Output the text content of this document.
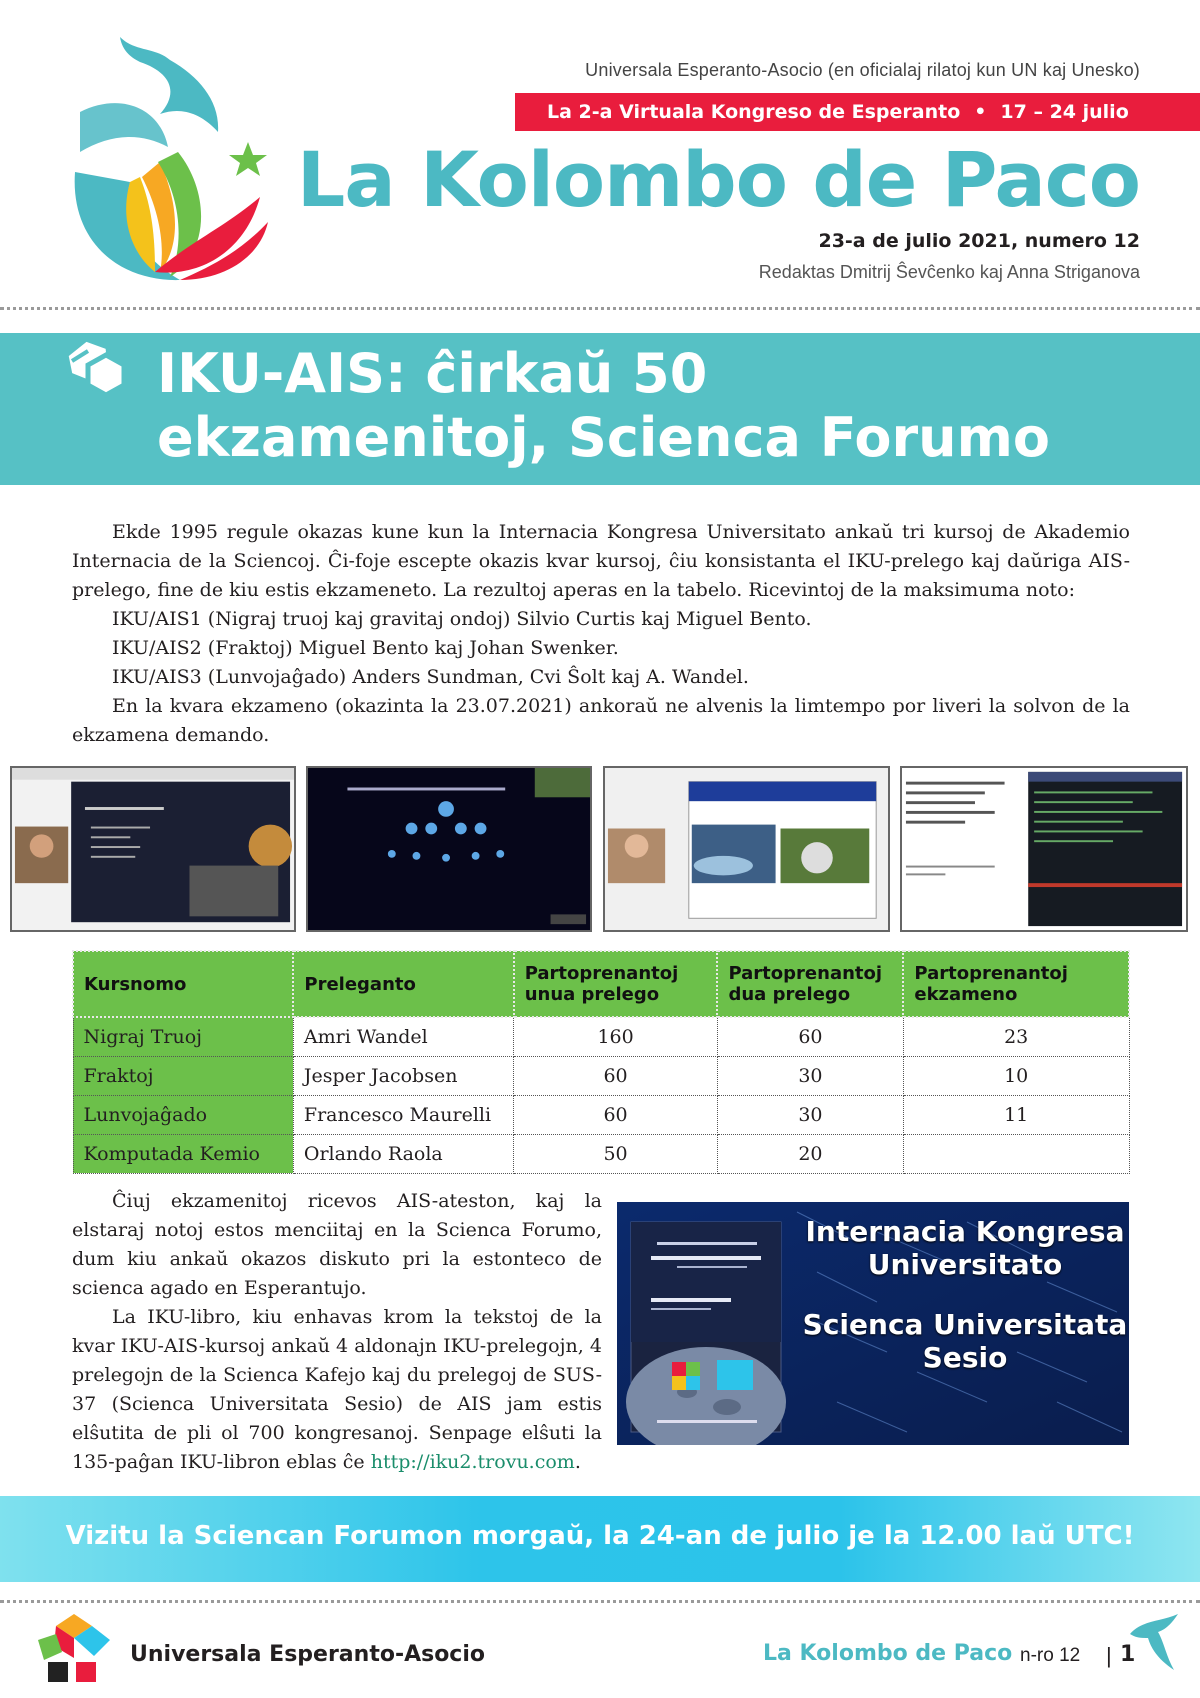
Universala Esperanto-Asocio (en oficialaj rilatoj kun UN kaj Unesko)
La 2-a Virtuala Kongreso de Esperanto • 17 – 24 julio
La Kolombo de Paco
23-a de julio 2021, numero 12
Redaktas Dmitrij Ŝevĉenko kaj Anna Striganova
IKU-AIS: ĉirkaŭ 50
ekzamenitoj, Scienca Forumo

Ekde 1995 regule okazas kune kun la Internacia Kongresa Universitato ankaŭ tri kursoj de Akademio Internacia de la Sciencoj. Ĉi-foje escepte okazis kvar kursoj, ĉiu konsistanta el IKU-prelego kaj daŭriga AIS-prelego, fine de kiu estis ekzameneto. La rezultoj aperas en la tabelo. Ricevintoj de la maksimuma noto:

IKU/AIS1 (Nigraj truoj kaj gravitaj ondoj) Silvio Curtis kaj Miguel Bento.

IKU/AIS2 (Fraktoj) Miguel Bento kaj Johan Swenker.

IKU/AIS3 (Lunvojaĝado) Anders Sundman, Cvi Ŝolt kaj A. Wandel.

En la kvara ekzameno (okazinta la 23.07.2021) ankoraŭ ne alvenis la limtempo por liveri la solvon de la ekzamena demando.

Kursnomo	Preleganto	Partoprenantoj unua prelego	Partoprenantoj dua prelego	Partoprenantoj ekzameno
Nigraj Truoj	Amri Wandel	160	60	23
Fraktoj	Jesper Jacobsen	60	30	10
Lunvojaĝado	Francesco Maurelli	60	30	11
Komputada Kemio	Orlando Raola	50	20	

Ĉiuj ekzamenitoj ricevos AIS-ateston, kaj la elstaraj notoj estos menciitaj en la Scienca Forumo, dum kiu ankaŭ okazos diskuto pri la estonteco de scienca agado en Esperantujo.

La IKU-libro, kiu enhavas krom la tekstoj de la kvar IKU-AIS-kursoj ankaŭ 4 aldonajn IKU-prelegojn, 4 prelegojn de la Scienca Kafejo kaj du prelegoj de SUS-37 (Scienca Universitata Sesio) de AIS jam estis elŝutita de pli ol 700 kongresanoj. Senpage elŝuti la 135-paĝan IKU-libron eblas ĉe http://iku2.trovu.com.

Internacia Kongresa Universitato
Scienca Universitata Sesio
Vizitu la Sciencan Forumon morgaŭ, la 24-an de julio je la 12.00 laŭ UTC!
Universala Esperanto-Asocio	La Kolombo de Paco n-ro 12 | 1
